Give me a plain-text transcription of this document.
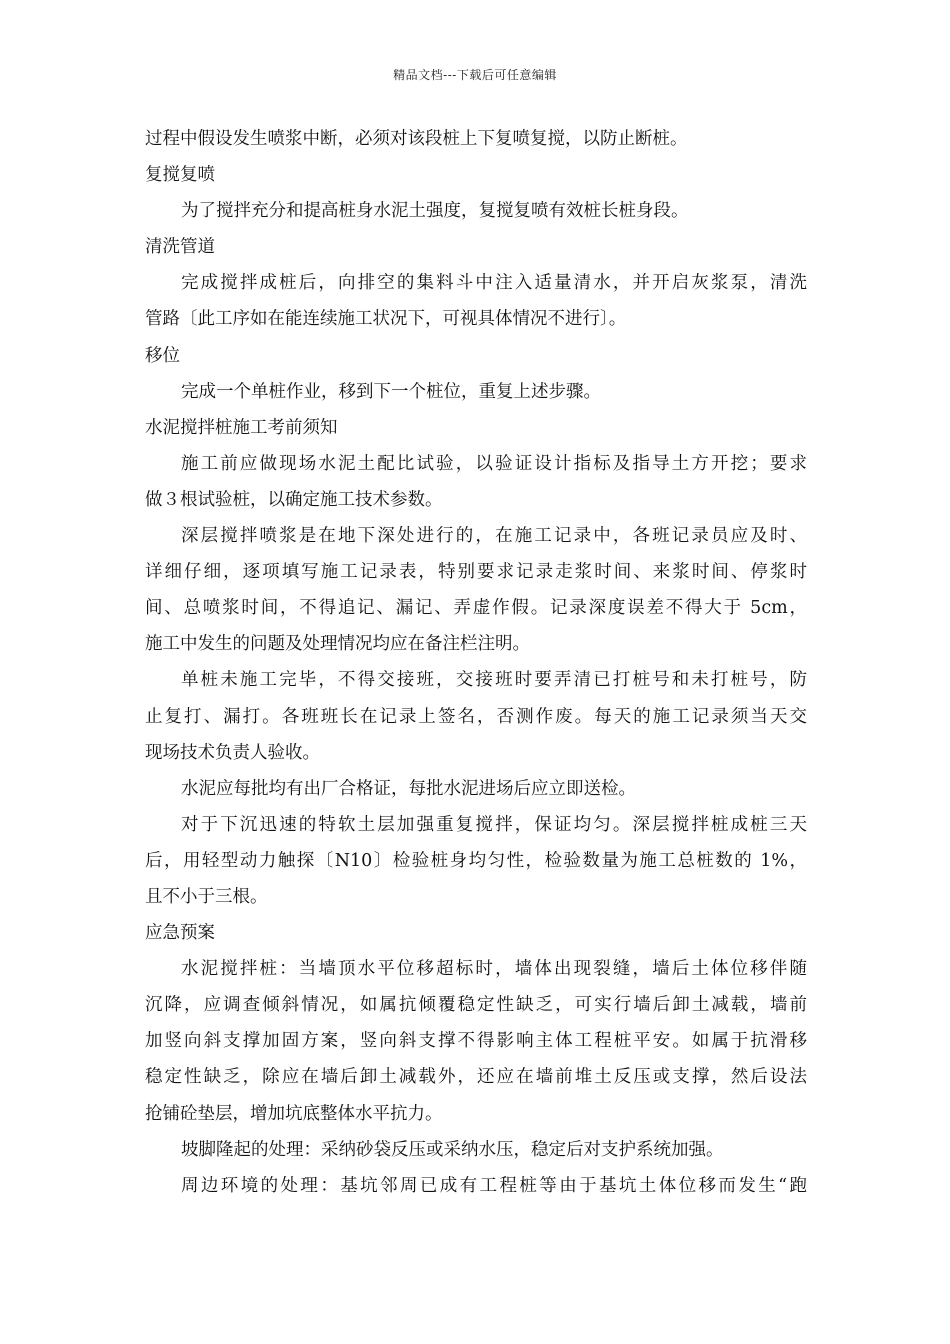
精品文档---下载后可任意编辑
过程中假设发生喷浆中断，必须对该段桩上下复喷复搅，以防止断桩。
复搅复喷
为了搅拌充分和提高桩身水泥土强度，复搅复喷有效桩长桩身段。
清洗管道
完成搅拌成桩后，向排空的集料斗中注入适量清水，并开启灰浆泵，清洗
管路〔此工序如在能连续施工状况下，可视具体情况不进行〕。
移位
完成一个单桩作业，移到下一个桩位，重复上述步骤。
水泥搅拌桩施工考前须知
施工前应做现场水泥土配比试验，以验证设计指标及指导土方开挖；要求
做３根试验桩，以确定施工技术参数。
深层搅拌喷浆是在地下深处进行的，在施工记录中，各班记录员应及时、
详细仔细，逐项填写施工记录表，特别要求记录走浆时间、来浆时间、停浆时
间、总喷浆时间，不得追记、漏记、弄虚作假。记录深度误差不得大于 5cm，
施工中发生的问题及处理情况均应在备注栏注明。
单桩未施工完毕，不得交接班，交接班时要弄清已打桩号和未打桩号，防
止复打、漏打。各班班长在记录上签名，否测作废。每天的施工记录须当天交
现场技术负责人验收。
水泥应每批均有出厂合格证，每批水泥进场后应立即送检。
对于下沉迅速的特软土层加强重复搅拌，保证均匀。深层搅拌桩成桩三天
后，用轻型动力触探〔N10〕检验桩身均匀性，检验数量为施工总桩数的 1%，
且不小于三根。
应急预案
水泥搅拌桩：当墙顶水平位移超标时，墙体出现裂缝，墙后土体位移伴随
沉降，应调查倾斜情况，如属抗倾覆稳定性缺乏，可实行墙后卸土减载，墙前
加竖向斜支撑加固方案，竖向斜支撑不得影响主体工程桩平安。如属于抗滑移
稳定性缺乏，除应在墙后卸土减载外，还应在墙前堆土反压或支撑，然后设法
抢铺砼垫层，增加坑底整体水平抗力。
坡脚隆起的处理：采纳砂袋反压或采纳水压，稳定后对支护系统加强。
周边环境的处理：基坑邻周已成有工程桩等由于基坑土体位移而发生“跑
